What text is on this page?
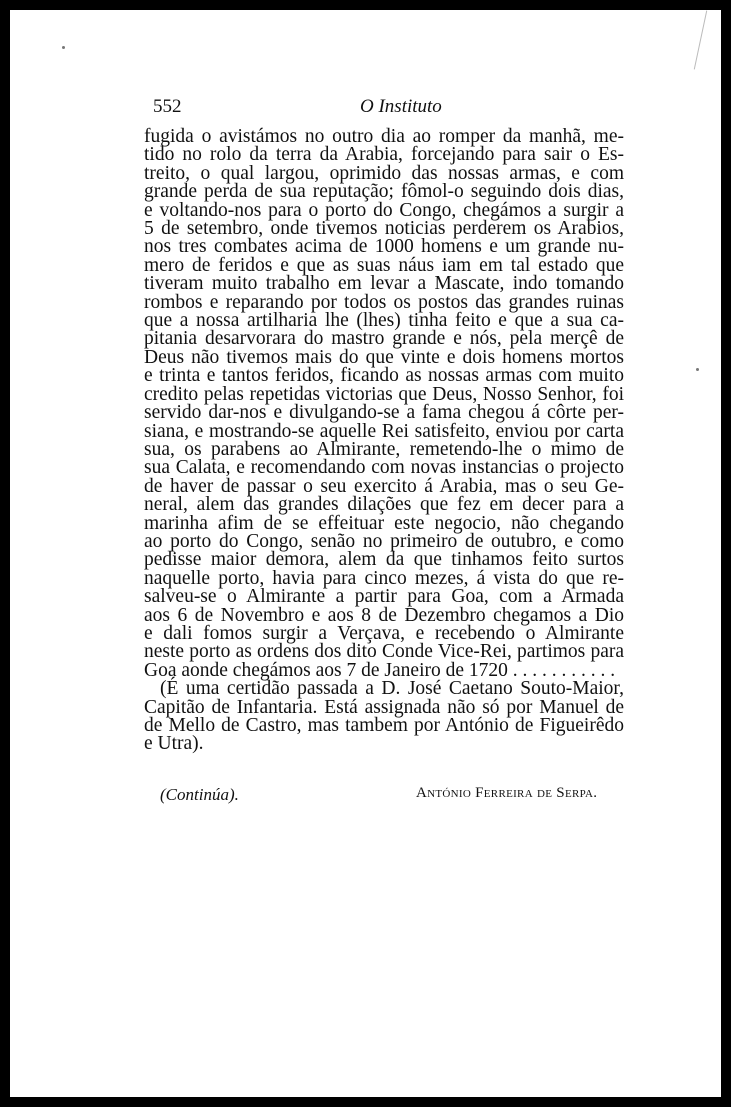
552	O Instituto
fugida o avistámos no outro dia ao romper da manhã, me-
tido no rolo da terra da Arabia, forcejando para sair o Es-
treito, o qual largou, oprimido das nossas armas, e com
grande perda de sua reputação; fômol-o seguindo dois dias,
e voltando-nos para o porto do Congo, chegámos a surgir a
5 de setembro, onde tivemos noticias perderem os Arabios,
nos tres combates acima de 1000 homens e um grande nu-
mero de feridos e que as suas náus iam em tal estado que
tiveram muito trabalho em levar a Mascate, indo tomando
rombos e reparando por todos os postos das grandes ruinas
que a nossa artilharia lhe (lhes) tinha feito e que a sua ca-
pitania desarvorara do mastro grande e nós, pela merçê de
Deus não tivemos mais do que vinte e dois homens mortos
e trinta e tantos feridos, ficando as nossas armas com muito
credito pelas repetidas victorias que Deus, Nosso Senhor, foi
servido dar-nos e divulgando-se a fama chegou á côrte per-
siana, e mostrando-se aquelle Rei satisfeito, enviou por carta
sua, os parabens ao Almirante, remetendo-lhe o mimo de
sua Calata, e recomendando com novas instancias o projecto
de haver de passar o seu exercito á Arabia, mas o seu Ge-
neral, alem das grandes dilações que fez em decer para a
marinha afim de se effeituar este negocio, não chegando
ao porto do Congo, senão no primeiro de outubro, e como
pedisse maior demora, alem da que tinhamos feito surtos
naquelle porto, havia para cinco mezes, á vista do que re-
salveu-se o Almirante a partir para Goa, com a Armada
aos 6 de Novembro e aos 8 de Dezembro chegamos a Dio
e dali fomos surgir a Verçava, e recebendo o Almirante
neste porto as ordens dos dito Conde Vice-Rei, partimos para
Goa aonde chegámos aos 7 de Janeiro de 1720 . . . . . . . . . . .
(É uma certidão passada a D. José Caetano Souto-Maior,
Capitão de Infantaria. Está assignada não só por Manuel de
de Mello de Castro, mas tambem por António de Figueirêdo
e Utra).
(Continúa).	António Ferreira de Serpa.
